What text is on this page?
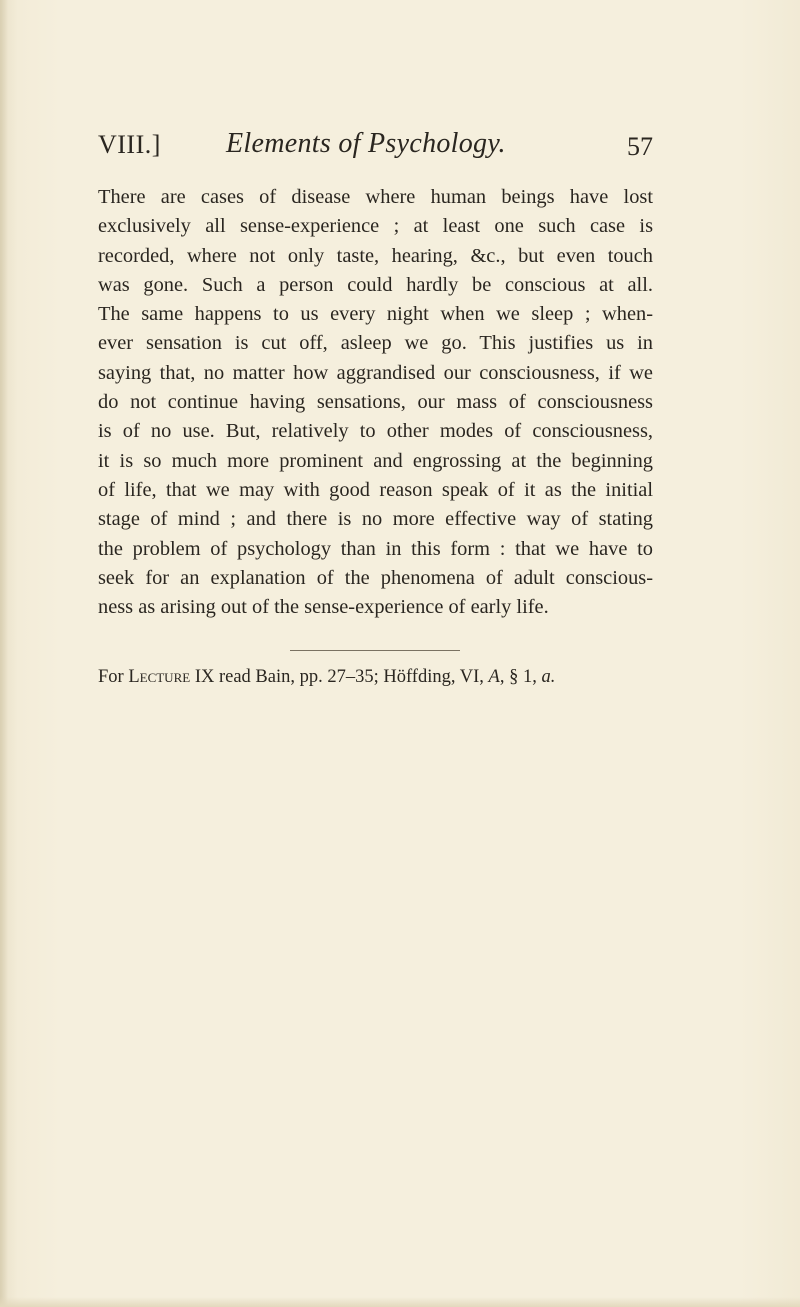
VIII.] Elements of Psychology.	57
There are cases of disease where human beings have lost
exclusively all sense-experience ; at least one such case is
recorded, where not only taste, hearing, &c., but even touch
was gone. Such a person could hardly be conscious at all.
The same happens to us every night when we sleep ; when-
ever sensation is cut off, asleep we go. This justifies us in
saying that, no matter how aggrandised our consciousness, if we
do not continue having sensations, our mass of consciousness
is of no use. But, relatively to other modes of consciousness,
it is so much more prominent and engrossing at the beginning
of life, that we may with good reason speak of it as the initial
stage of mind ; and there is no more effective way of stating
the problem of psychology than in this form : that we have to
seek for an explanation of the phenomena of adult conscious-
ness as arising out of the sense-experience of early life.
For Lecture IX read Bain, pp. 27–35; Höffding, VI, A, § 1, a.
